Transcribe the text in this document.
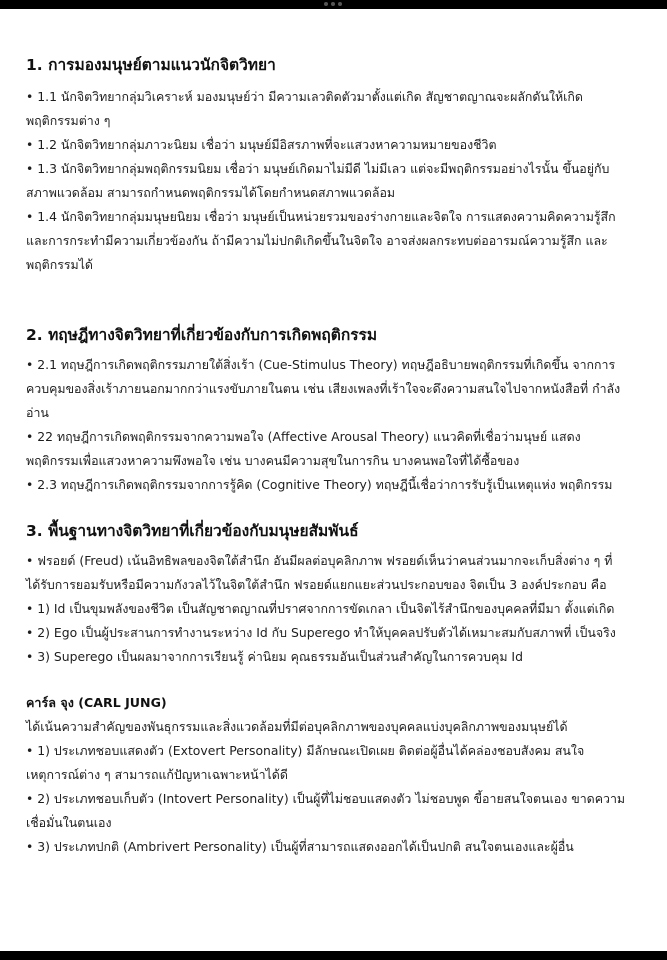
1. การมองมนุษย์ตามแนวนักจิตวิทยา

• 1.1 นักจิตวิทยากลุ่มวิเคราะห์ มองมนุษย์ว่า มีความเลวติดตัวมาตั้งแต่เกิด สัญชาตญาณจะผลักดันให้เกิด

พฤติกรรมต่าง ๆ

• 1.2 นักจิตวิทยากลุ่มภาวะนิยม เชื่อว่า มนุษย์มีอิสรภาพที่จะแสวงหาความหมายของชีวิต

• 1.3 นักจิตวิทยากลุ่มพฤติกรรมนิยม เชื่อว่า มนุษย์เกิดมาไม่มีดี ไม่มีเลว แต่จะมีพฤติกรรมอย่างไรนั้น ขึ้นอยู่กับ

สภาพแวดล้อม สามารถกำหนดพฤติกรรมได้โดยกำหนดสภาพแวดล้อม

• 1.4 นักจิตวิทยากลุ่มมนุษยนิยม เชื่อว่า มนุษย์เป็นหน่วยรวมของร่างกายและจิตใจ การแสดงความคิดความรู้สึก

และการกระทำมีความเกี่ยวข้องกัน ถ้ามีความไม่ปกติเกิดขึ้นในจิตใจ อาจส่งผลกระทบต่ออารมณ์ความรู้สึก และ

พฤติกรรมได้

2. ทฤษฎีทางจิตวิทยาที่เกี่ยวข้องกับการเกิดพฤติกรรม

• 2.1 ทฤษฎีการเกิดพฤติกรรมภายใต้สิ่งเร้า (Cue-Stimulus Theory) ทฤษฎีอธิบายพฤติกรรมที่เกิดขึ้น จากการ

ควบคุมของสิ่งเร้าภายนอกมากกว่าแรงขับภายในตน เช่น เสียงเพลงที่เร้าใจจะดึงความสนใจไปจากหนังสือที่ กำลัง

อ่าน

• 22 ทฤษฎีการเกิดพฤติกรรมจากความพอใจ (Affective Arousal Theory) แนวคิดที่เชื่อว่ามนุษย์ แสดง

พฤติกรรมเพื่อแสวงหาความพึงพอใจ เช่น บางคนมีความสุขในการกิน บางคนพอใจที่ได้ซื้อของ

• 2.3 ทฤษฎีการเกิดพฤติกรรมจากการรู้คิด (Cognitive Theory) ทฤษฎีนี้เชื่อว่าการรับรู้เป็นเหตุแห่ง พฤติกรรม

3. พื้นฐานทางจิตวิทยาที่เกี่ยวข้องกับมนุษยสัมพันธ์

• ฟรอยด์ (Freud) เน้นอิทธิพลของจิตใต้สำนึก อันมีผลต่อบุคลิกภาพ ฟรอยด์เห็นว่าคนส่วนมากจะเก็บสิ่งต่าง ๆ ที่

ได้รับการยอมรับหรือมีความกังวลไว้ในจิตใต้สำนึก ฟรอยด์แยกแยะส่วนประกอบของ จิตเป็น 3 องค์ประกอบ คือ

• 1) Id เป็นขุมพลังของชีวิต เป็นสัญชาตญาณที่ปราศจากการขัดเกลา เป็นจิตไร้สำนึกของบุคคลที่มีมา ตั้งแต่เกิด

• 2) Ego เป็นผู้ประสานการทำงานระหว่าง Id กับ Superego ทำให้บุคคลปรับตัวได้เหมาะสมกับสภาพที่ เป็นจริง

• 3) Superego เป็นผลมาจากการเรียนรู้ ค่านิยม คุณธรรมอันเป็นส่วนสำคัญในการควบคุม Id

คาร์ล จุง (CARL JUNG)

ได้เน้นความสำคัญของพันธุกรรมและสิ่งแวดล้อมที่มีต่อบุคลิกภาพของบุคคลแบ่งบุคลิกภาพของมนุษย์ได้

• 1) ประเภทชอบแสดงตัว (Extovert Personality) มีลักษณะเปิดเผย ติดต่อผู้อื่นได้คล่องชอบสังคม สนใจ

เหตุการณ์ต่าง ๆ สามารถแก้ปัญหาเฉพาะหน้าได้ดี

• 2) ประเภทชอบเก็บตัว (Intovert Personality) เป็นผู้ที่ไม่ชอบแสดงตัว ไม่ชอบพูด ขี้อายสนใจตนเอง ขาดความ

เชื่อมั่นในตนเอง

• 3) ประเภทปกติ (Ambrivert Personality) เป็นผู้ที่สามารถแสดงออกได้เป็นปกติ สนใจตนเองและผู้อื่น
